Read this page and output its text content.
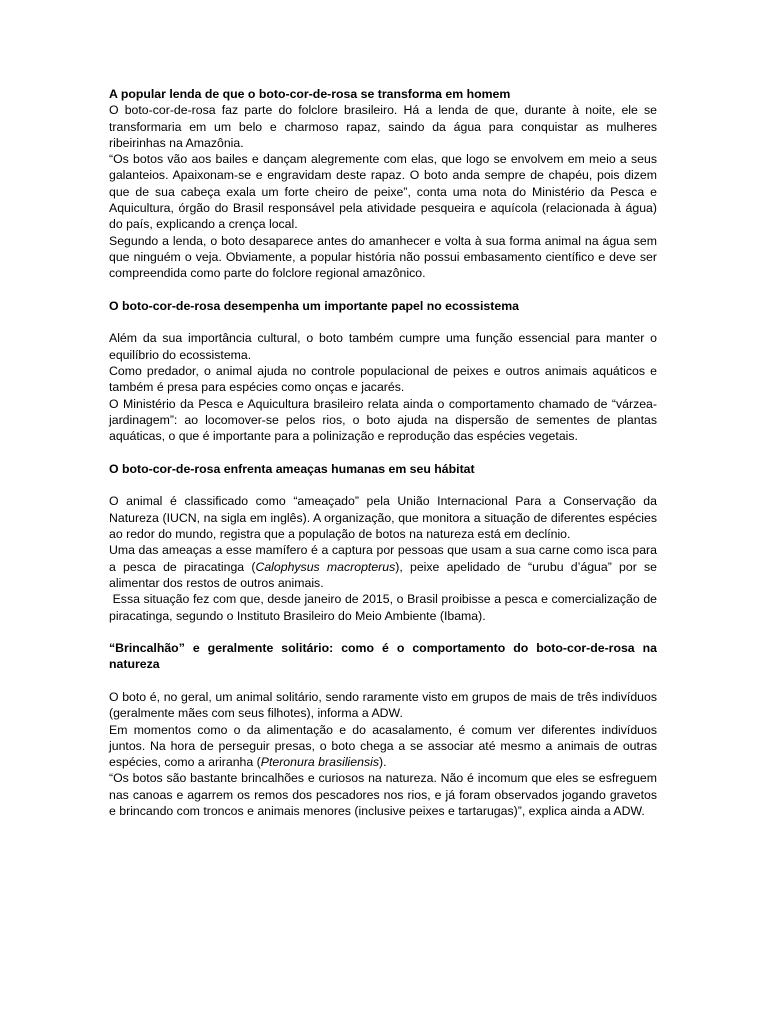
A popular lenda de que o boto-cor-de-rosa se transforma em homem

O boto-cor-de-rosa faz parte do folclore brasileiro. Há a lenda de que, durante à noite, ele se transformaria em um belo e charmoso rapaz, saindo da água para conquistar as mulheres ribeirinhas na Amazônia.

“Os botos vão aos bailes e dançam alegremente com elas, que logo se envolvem em meio a seus galanteios. Apaixonam-se e engravidam deste rapaz. O boto anda sempre de chapéu, pois dizem que de sua cabeça exala um forte cheiro de peixe”, conta uma nota do Ministério da Pesca e Aquicultura, órgão do Brasil responsável pela atividade pesqueira e aquícola (relacionada à água) do país, explicando a crença local.

Segundo a lenda, o boto desaparece antes do amanhecer e volta à sua forma animal na água sem que ninguém o veja. Obviamente, a popular história não possui embasamento científico e deve ser compreendida como parte do folclore regional amazônico.

O boto-cor-de-rosa desempenha um importante papel no ecossistema

Além da sua importância cultural, o boto também cumpre uma função essencial para manter o equilíbrio do ecossistema.

Como predador, o animal ajuda no controle populacional de peixes e outros animais aquáticos e também é presa para espécies como onças e jacarés.

O Ministério da Pesca e Aquicultura brasileiro relata ainda o comportamento chamado de “várzea-jardinagem”: ao locomover-se pelos rios, o boto ajuda na dispersão de sementes de plantas aquáticas, o que é importante para a polinização e reprodução das espécies vegetais.

O boto-cor-de-rosa enfrenta ameaças humanas em seu hábitat

O animal é classificado como “ameaçado” pela União Internacional Para a Conservação da Natureza (IUCN, na sigla em inglês). A organização, que monitora a situação de diferentes espécies ao redor do mundo, registra que a população de botos na natureza está em declínio.

Uma das ameaças a esse mamífero é a captura por pessoas que usam a sua carne como isca para a pesca de piracatinga (Calophysus macropterus), peixe apelidado de “urubu d’água” por se alimentar dos restos de outros animais.

Essa situação fez com que, desde janeiro de 2015, o Brasil proibisse a pesca e comercialização de piracatinga, segundo o Instituto Brasileiro do Meio Ambiente (Ibama).

“Brincalhão” e geralmente solitário: como é o comportamento do boto-cor-de-rosa na natureza

O boto é, no geral, um animal solitário, sendo raramente visto em grupos de mais de três indivíduos (geralmente mães com seus filhotes), informa a ADW.

Em momentos como o da alimentação e do acasalamento, é comum ver diferentes indivíduos juntos. Na hora de perseguir presas, o boto chega a se associar até mesmo a animais de outras espécies, como a ariranha (Pteronura brasiliensis).

“Os botos são bastante brincalhões e curiosos na natureza. Não é incomum que eles se esfreguem nas canoas e agarrem os remos dos pescadores nos rios, e já foram observados jogando gravetos e brincando com troncos e animais menores (inclusive peixes e tartarugas)”, explica ainda a ADW.
